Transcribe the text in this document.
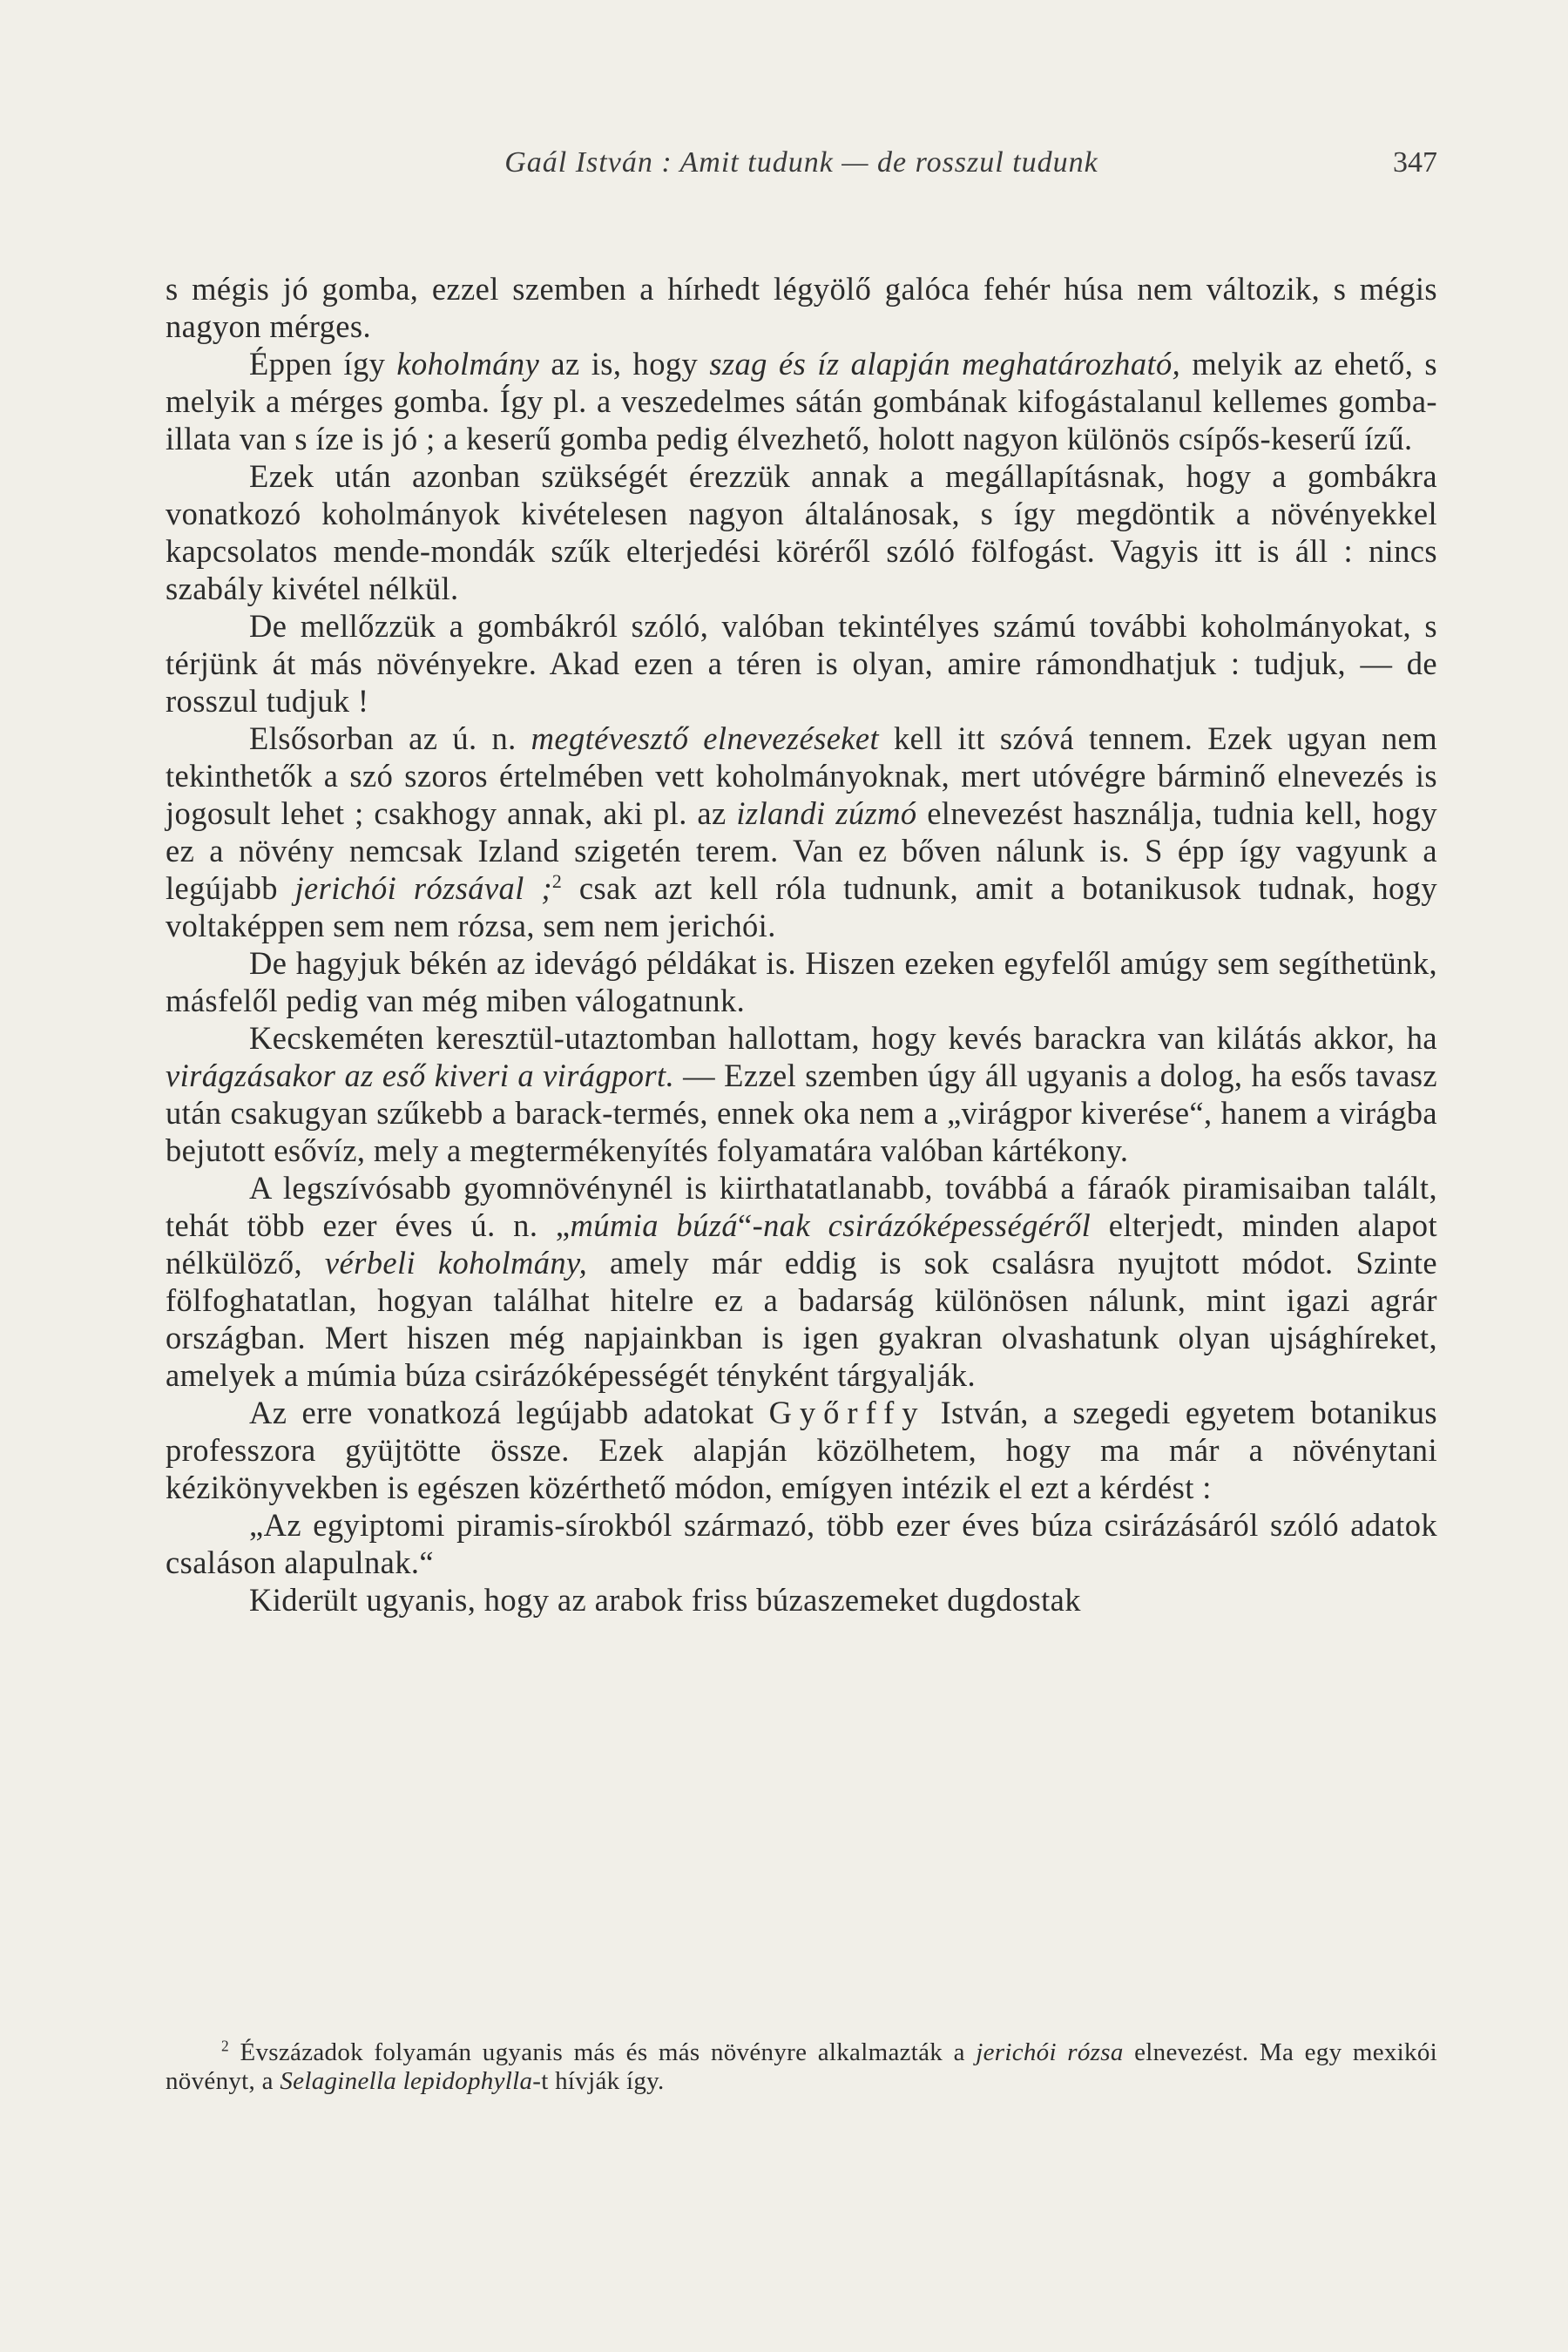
Gaál István : Amit tudunk — de rosszul tudunk	347

s mégis jó gomba, ezzel szemben a hírhedt légyölő galóca fehér húsa nem változik, s mégis nagyon mérges.

Éppen így koholmány az is, hogy szag és íz alapján meghatározható, melyik az ehető, s melyik a mérges gomba. Így pl. a veszedelmes sátán gombának kifogástalanul kellemes gomba-illata van s íze is jó ; a keserű gomba pedig élvezhető, holott nagyon különös csípős-keserű ízű.

Ezek után azonban szükségét érezzük annak a megállapításnak, hogy a gombákra vonatkozó koholmányok kivételesen nagyon általánosak, s így megdöntik a növényekkel kapcsolatos mende-mondák szűk elterjedési köréről szóló fölfogást. Vagyis itt is áll : nincs szabály kivétel nélkül.

De mellőzzük a gombákról szóló, valóban tekintélyes számú további koholmányokat, s térjünk át más növényekre. Akad ezen a téren is olyan, amire rámondhatjuk : tudjuk, — de rosszul tudjuk !

Elsősorban az ú. n. megtévesztő elnevezéseket kell itt szóvá tennem. Ezek ugyan nem tekinthetők a szó szoros értelmében vett koholmányoknak, mert utóvégre bárminő elnevezés is jogosult lehet ; csakhogy annak, aki pl. az izlandi zúzmó elnevezést használja, tudnia kell, hogy ez a növény nemcsak Izland szigetén terem. Van ez bőven nálunk is. S épp így vagyunk a legújabb jerichói rózsával ;$^2$ csak azt kell róla tudnunk, amit a botanikusok tudnak, hogy voltaképpen sem nem rózsa, sem nem jerichói.

De hagyjuk békén az idevágó példákat is. Hiszen ezeken egyfelől amúgy sem segíthetünk, másfelől pedig van még miben válogatnunk.

Kecskeméten keresztül-utaztomban hallottam, hogy kevés barackra van kilátás akkor, ha virágzásakor az eső kiveri a virágport. — Ezzel szemben úgy áll ugyanis a dolog, ha esős tavasz után csakugyan szűkebb a barack-termés, ennek oka nem a „virágpor kiverése“, hanem a virágba bejutott esővíz, mely a megtermékenyítés folyamatára valóban kártékony.

A legszívósabb gyomnövénynél is kiirthatatlanabb, továbbá a fáraók piramisaiban talált, tehát több ezer éves ú. n. „múmia búzá“-nak csirázóképességéről elterjedt, minden alapot nélkülöző, vérbeli koholmány, amely már eddig is sok csalásra nyujtott módot. Szinte fölfoghatatlan, hogyan találhat hitelre ez a badarság különösen nálunk, mint igazi agrár országban. Mert hiszen még napjainkban is igen gyakran olvashatunk olyan ujsághíreket, amelyek a múmia búza csirázóképességét tényként tárgyalják.

Az erre vonatkozá legújabb adatokat Győrffy István, a szegedi egyetem botanikus professzora gyüjtötte össze. Ezek alapján közölhetem, hogy ma már a növénytani kézikönyvekben is egészen közérthető módon, emígyen intézik el ezt a kérdést :

„Az egyiptomi piramis-sírokból származó, több ezer éves búza csirázásáról szóló adatok csaláson alapulnak.“

Kiderült ugyanis, hogy az arabok friss búzaszemeket dugdostak

$^2$ Évszázadok folyamán ugyanis más és más növényre alkalmazták a jerichói rózsa elnevezést. Ma egy mexikói növényt, a Selaginella lepidophylla-t hívják így.
